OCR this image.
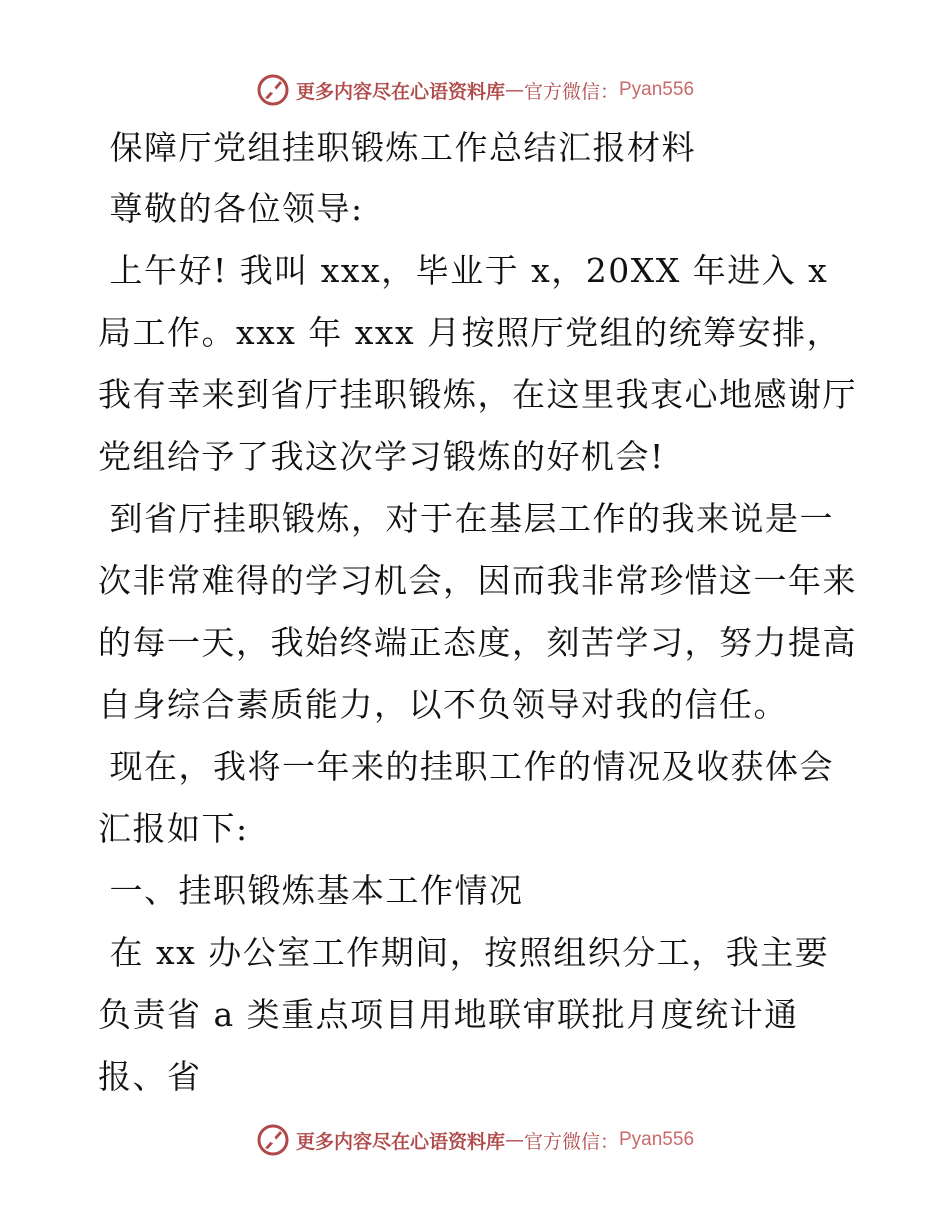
更多内容尽在心语资料库 — 官方微信： Pyan556

保障厅党组挂职锻炼工作总结汇报材料

尊敬的各位领导:

上午好! 我叫 xxx，毕业于 x，20XX 年进入 x 局工作。xxx 年 xxx 月按照厅党组的统筹安排，我有幸来到省厅挂职锻炼，在这里我衷心地感谢厅党组给予了我这次学习锻炼的好机会!

到省厅挂职锻炼，对于在基层工作的我来说是一次非常难得的学习机会，因而我非常珍惜这一年来的每一天，我始终端正态度，刻苦学习，努力提高自身综合素质能力，以不负领导对我的信任。

现在，我将一年来的挂职工作的情况及收获体会汇报如下:

一、挂职锻炼基本工作情况

在 xx 办公室工作期间，按照组织分工，我主要负责省 a 类重点项目用地联审联批月度统计通报、省

更多内容尽在心语资料库 — 官方微信： Pyan556
